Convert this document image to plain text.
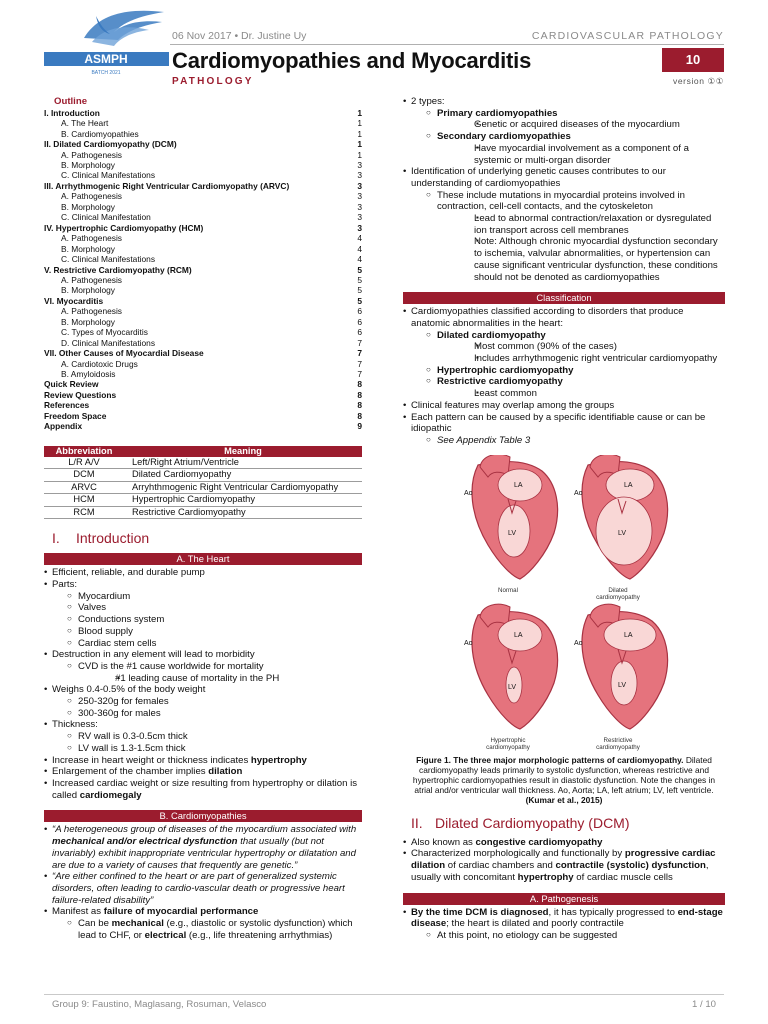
ASMPH
BATCH 2021
06 Nov 2017 • Dr. Justine Uy	CARDIOVASCULAR PATHOLOGY
Cardiomyopathies and Myocarditis
PATHOLOGY
10
version ①①
Outline
I. Introduction	1
A. The Heart	1
B. Cardiomyopathies	1
II. Dilated Cardiomyopathy (DCM)	1
A. Pathogenesis	1
B. Morphology	3
C. Clinical Manifestations	3
III. Arrhythmogenic Right Ventricular Cardiomyopathy (ARVC)	3
A. Pathogenesis	3
B. Morphology	3
C. Clinical Manifestation	3
IV. Hypertrophic Cardiomyopathy (HCM)	3
A. Pathogenesis	4
B. Morphology	4
C. Clinical Manifestations	4
V. Restrictive Cardiomyopathy (RCM)	5
A. Pathogenesis	5
B. Morphology	5
VI. Myocarditis	5
A. Pathogenesis	6
B. Morphology	6
C. Types of Myocarditis	6
D. Clinical Manifestations	7
VII. Other Causes of Myocardial Disease	7
A. Cardiotoxic Drugs	7
B. Amyloidosis	7
Quick Review	8
Review Questions	8
References	8
Freedom Space	8
Appendix	9
Abbreviation	Meaning
L/R A/V	Left/Right Atrium/Ventricle
DCM	Dilated Cardiomyopathy
ARVC	Arryhthmogenic Right Ventricular Cardiomyopathy
HCM	Hypertrophic Cardiomyopathy
RCM	Restrictive Cardiomyopathy
I. Introduction
A. The Heart
• Efficient, reliable, and durable pump
• Parts:
○ Myocardium
○ Valves
○ Conductions system
○ Blood supply
○ Cardiac stem cells
• Destruction in any element will lead to morbidity
○ CVD is the #1 cause worldwide for mortality
▪ #1 leading cause of mortality in the PH
• Weighs 0.4-0.5% of the body weight
○ 250-320g for females
○ 300-360g for males
• Thickness:
○ RV wall is 0.3-0.5cm thick
○ LV wall is 1.3-1.5cm thick
• Increase in heart weight or thickness indicates hypertrophy
• Enlargement of the chamber implies dilation
• Increased cardiac weight or size resulting from hypertrophy or dilation is called cardiomegaly
B. Cardiomyopathies
• “A heterogeneous group of diseases of the myocardium associated with mechanical and/or electrical dysfunction that usually (but not invariably) exhibit inappropriate ventricular hypertrophy or dilatation and are due to a variety of causes that frequently are genetic.”
• “Are either confined to the heart or are part of generalized systemic disorders, often leading to cardio-vascular death or progressive heart failure-related disability”
• Manifest as failure of myocardial performance
○ Can be mechanical (e.g., diastolic or systolic dysfunction) which lead to CHF, or electrical (e.g., life threatening arrhythmias)
• 2 types:
○ Primary cardiomyopathies
▪ Genetic or acquired diseases of the myocardium
○ Secondary cardiomyopathies
▪ Have myocardial involvement as a component of a systemic or multi-organ disorder
• Identification of underlying genetic causes contributes to our understanding of cardiomyopathies
○ These include mutations in myocardial proteins involved in contraction, cell-cell contacts, and the cytoskeleton
▪ Lead to abnormal contraction/relaxation or dysregulated ion transport across cell membranes
▪ Note: Although chronic myocardial dysfunction secondary to ischemia, valvular abnormalities, or hypertension can cause significant ventricular dysfunction, these conditions should not be denoted as cardiomyopathies
Classification
• Cardiomyopathies classified according to disorders that produce anatomic abnormalities in the heart:
○ Dilated cardiomyopathy
▪ Most common (90% of the cases)
▪ Includes arrhythmogenic right ventricular cardiomyopathy
○ Hypertrophic cardiomyopathy
○ Restrictive cardiomyopathy
▪ Least common
• Clinical features may overlap among the groups
• Each pattern can be caused by a specific identifiable cause or can be idiopathic
○ See Appendix Table 3
Ao
LA
LV
Ao
LA
LV
Ao
LA
LV
Ao
LA
LV
Normal	Dilated
cardiomyopathy
Hypertrophic
cardiomyopathy
Restrictive
cardiomyopathy
Figure 1. The three major morphologic patterns of cardiomyopathy. Dilated cardiomyopathy leads primarily to systolic dysfunction, whereas restrictive and hypertrophic cardiomyopathies result in diastolic dysfunction. Note the changes in atrial and/or ventricular wall thickness. Ao, Aorta; LA, left atrium; LV, left ventricle. (Kumar et al., 2015)
II. Dilated Cardiomyopathy (DCM)
• Also known as congestive cardiomyopathy
• Characterized morphologically and functionally by progressive cardiac dilation of cardiac chambers and contractile (systolic) dysfunction, usually with concomitant hypertrophy of cardiac muscle cells
A. Pathogenesis
• By the time DCM is diagnosed, it has typically progressed to end-stage disease; the heart is dilated and poorly contractile
○ At this point, no etiology can be suggested
Group 9: Faustino, Maglasang, Rosuman, Velasco	1 / 10
